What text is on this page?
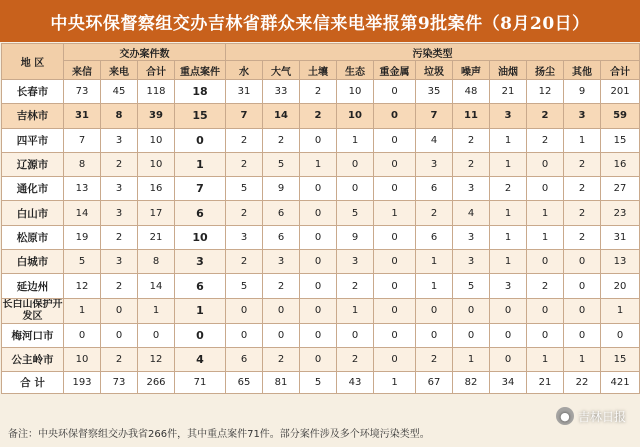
中央环保督察组交办吉林省群众来信来电举报第9批案件（8月20日）
地 区	交办案件数				污染类型										
	来信	来电	合计	重点案件	水	大气	土壤	生态	重金属	垃圾	噪声	油烟	扬尘	其他	合计
长春市	73	45	118	18	31	33	2	10	0	35	48	21	12	9	201
吉林市	31	8	39	15	7	14	2	10	0	7	11	3	2	3	59
四平市	7	3	10	0	2	2	0	1	0	4	2	1	2	1	15
辽源市	8	2	10	1	2	5	1	0	0	3	2	1	0	2	16
通化市	13	3	16	7	5	9	0	0	0	6	3	2	0	2	27
白山市	14	3	17	6	2	6	0	5	1	2	4	1	1	2	23
松原市	19	2	21	10	3	6	0	9	0	6	3	1	1	2	31
白城市	5	3	8	3	2	3	0	3	0	1	3	1	0	0	13
延边州	12	2	14	6	5	2	0	2	0	1	5	3	2	0	20
长白山保护开发区	1	0	1	1	0	0	0	1	0	0	0	0	0	0	1
梅河口市	0	0	0	0	0	0	0	0	0	0	0	0	0	0	0
公主岭市	10	2	12	4	6	2	0	2	0	2	1	0	1	1	15
合 计	193	73	266	71	65	81	5	43	1	67	82	34	21	22	421
● 吉林日报
备注：中央环保督察组交办我省266件，其中重点案件71件。部分案件涉及多个环境污染类型。
